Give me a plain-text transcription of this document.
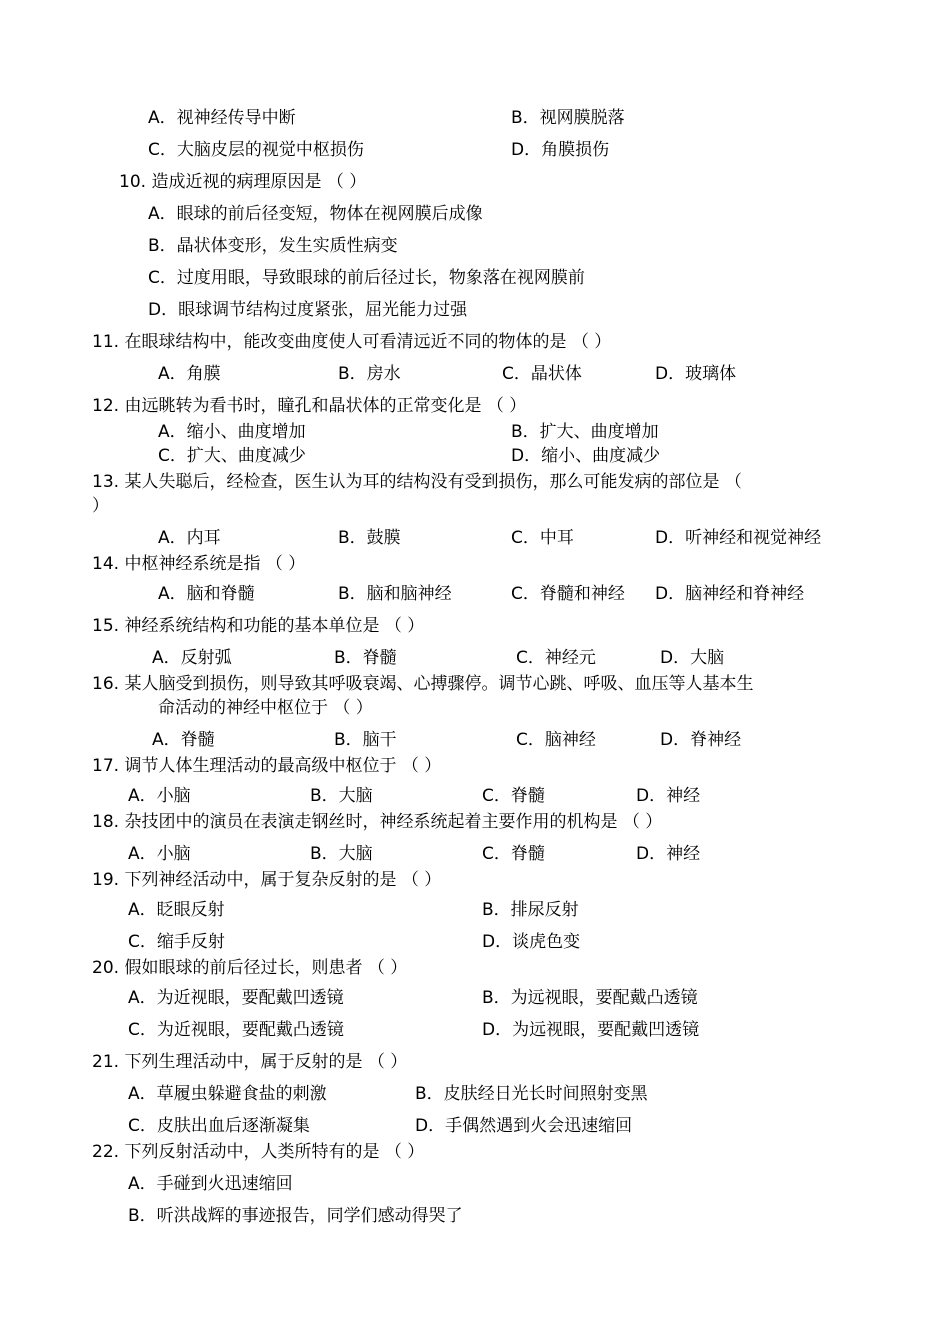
A．视神经传导中断	B．视网膜脱落
C．大脑皮层的视觉中枢损伤	D．角膜损伤
10. 造成近视的病理原因是 （ ）
A．眼球的前后径变短，物体在视网膜后成像
B．晶状体变形，发生实质性病变
C．过度用眼，导致眼球的前后径过长，物象落在视网膜前
D．眼球调节结构过度紧张，屈光能力过强
11. 在眼球结构中，能改变曲度使人可看清远近不同的物体的是 （ ）
A．角膜	B．房水	C．晶状体	D．玻璃体
12. 由远眺转为看书时，瞳孔和晶状体的正常变化是 （ ）
A．缩小、曲度增加	B．扩大、曲度增加
C．扩大、曲度减少	D．缩小、曲度减少
13. 某人失聪后，经检查，医生认为耳的结构没有受到损伤，那么可能发病的部位是 （
）
A．内耳	B．鼓膜	C．中耳	D．听神经和视觉神经
14. 中枢神经系统是指 （ ）
A．脑和脊髓	B．脑和脑神经	C．脊髓和神经 D．脑神经和脊神经
15. 神经系统结构和功能的基本单位是 （ ）
A．反射弧	B．脊髓	C．神经元	D．大脑
16. 某人脑受到损伤，则导致其呼吸衰竭、心搏骤停。调节心跳、呼吸、血压等人基本生
命活动的神经中枢位于 （ ）
A．脊髓	B．脑干	C．脑神经	D．脊神经
17. 调节人体生理活动的最高级中枢位于 （ ）
A．小脑	B．大脑	C．脊髓	D．神经
18. 杂技团中的演员在表演走钢丝时，神经系统起着主要作用的机构是 （ ）
A．小脑	B．大脑	C．脊髓	D．神经
19. 下列神经活动中，属于复杂反射的是 （ ）
A．眨眼反射	B．排尿反射
C．缩手反射	D．谈虎色变
20. 假如眼球的前后径过长，则患者 （ ）
A．为近视眼，要配戴凹透镜	B．为远视眼，要配戴凸透镜
C．为近视眼，要配戴凸透镜	D．为远视眼，要配戴凹透镜
21. 下列生理活动中，属于反射的是 （ ）
A．草履虫躲避食盐的刺激	B．皮肤经日光长时间照射变黑
C．皮肤出血后逐渐凝集	D．手偶然遇到火会迅速缩回
22. 下列反射活动中，人类所特有的是 （ ）
A．手碰到火迅速缩回
B．听洪战辉的事迹报告，同学们感动得哭了
